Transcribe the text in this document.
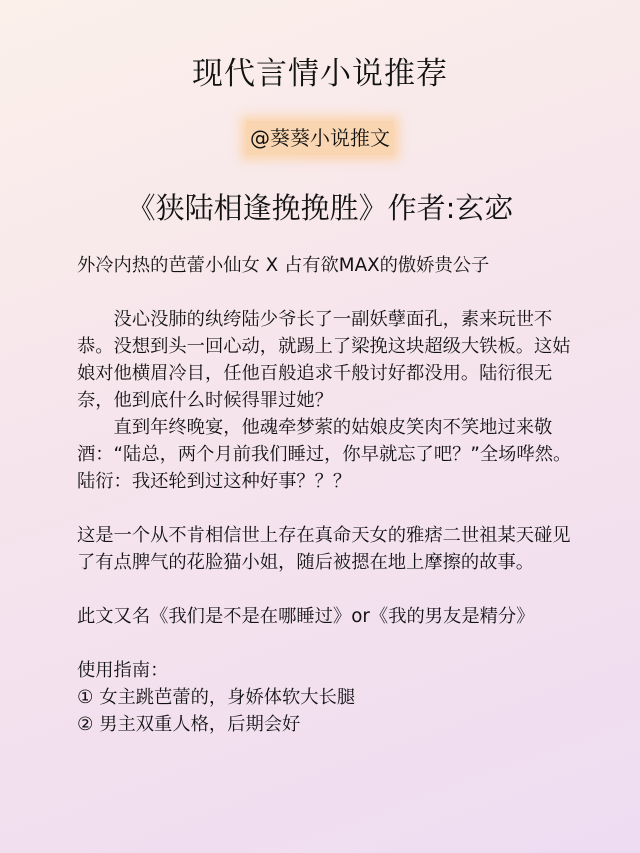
现代言情小说推荐
@葵葵小说推文
《狭陆相逢挽挽胜》作者:玄宓

外冷内热的芭蕾小仙女 X 占有欲MAX的傲娇贵公子

　　没心没肺的纨绔陆少爷长了一副妖孽面孔，素来玩世不恭。没想到头一回心动，就踢上了梁挽这块超级大铁板。这姑娘对他横眉冷目，任他百般追求千般讨好都没用。陆衍很无奈，他到底什么时候得罪过她？

　　直到年终晚宴，他魂牵梦萦的姑娘皮笑肉不笑地过来敬酒：“陆总，两个月前我们睡过，你早就忘了吧？”全场哗然。陆衍：我还轮到过这种好事？？？

这是一个从不肯相信世上存在真命天女的雅痞二世祖某天碰见了有点脾气的花脸猫小姐，随后被摁在地上摩擦的故事。

此文又名《我们是不是在哪睡过》or《我的男友是精分》

使用指南：

① 女主跳芭蕾的，身娇体软大长腿

② 男主双重人格，后期会好
